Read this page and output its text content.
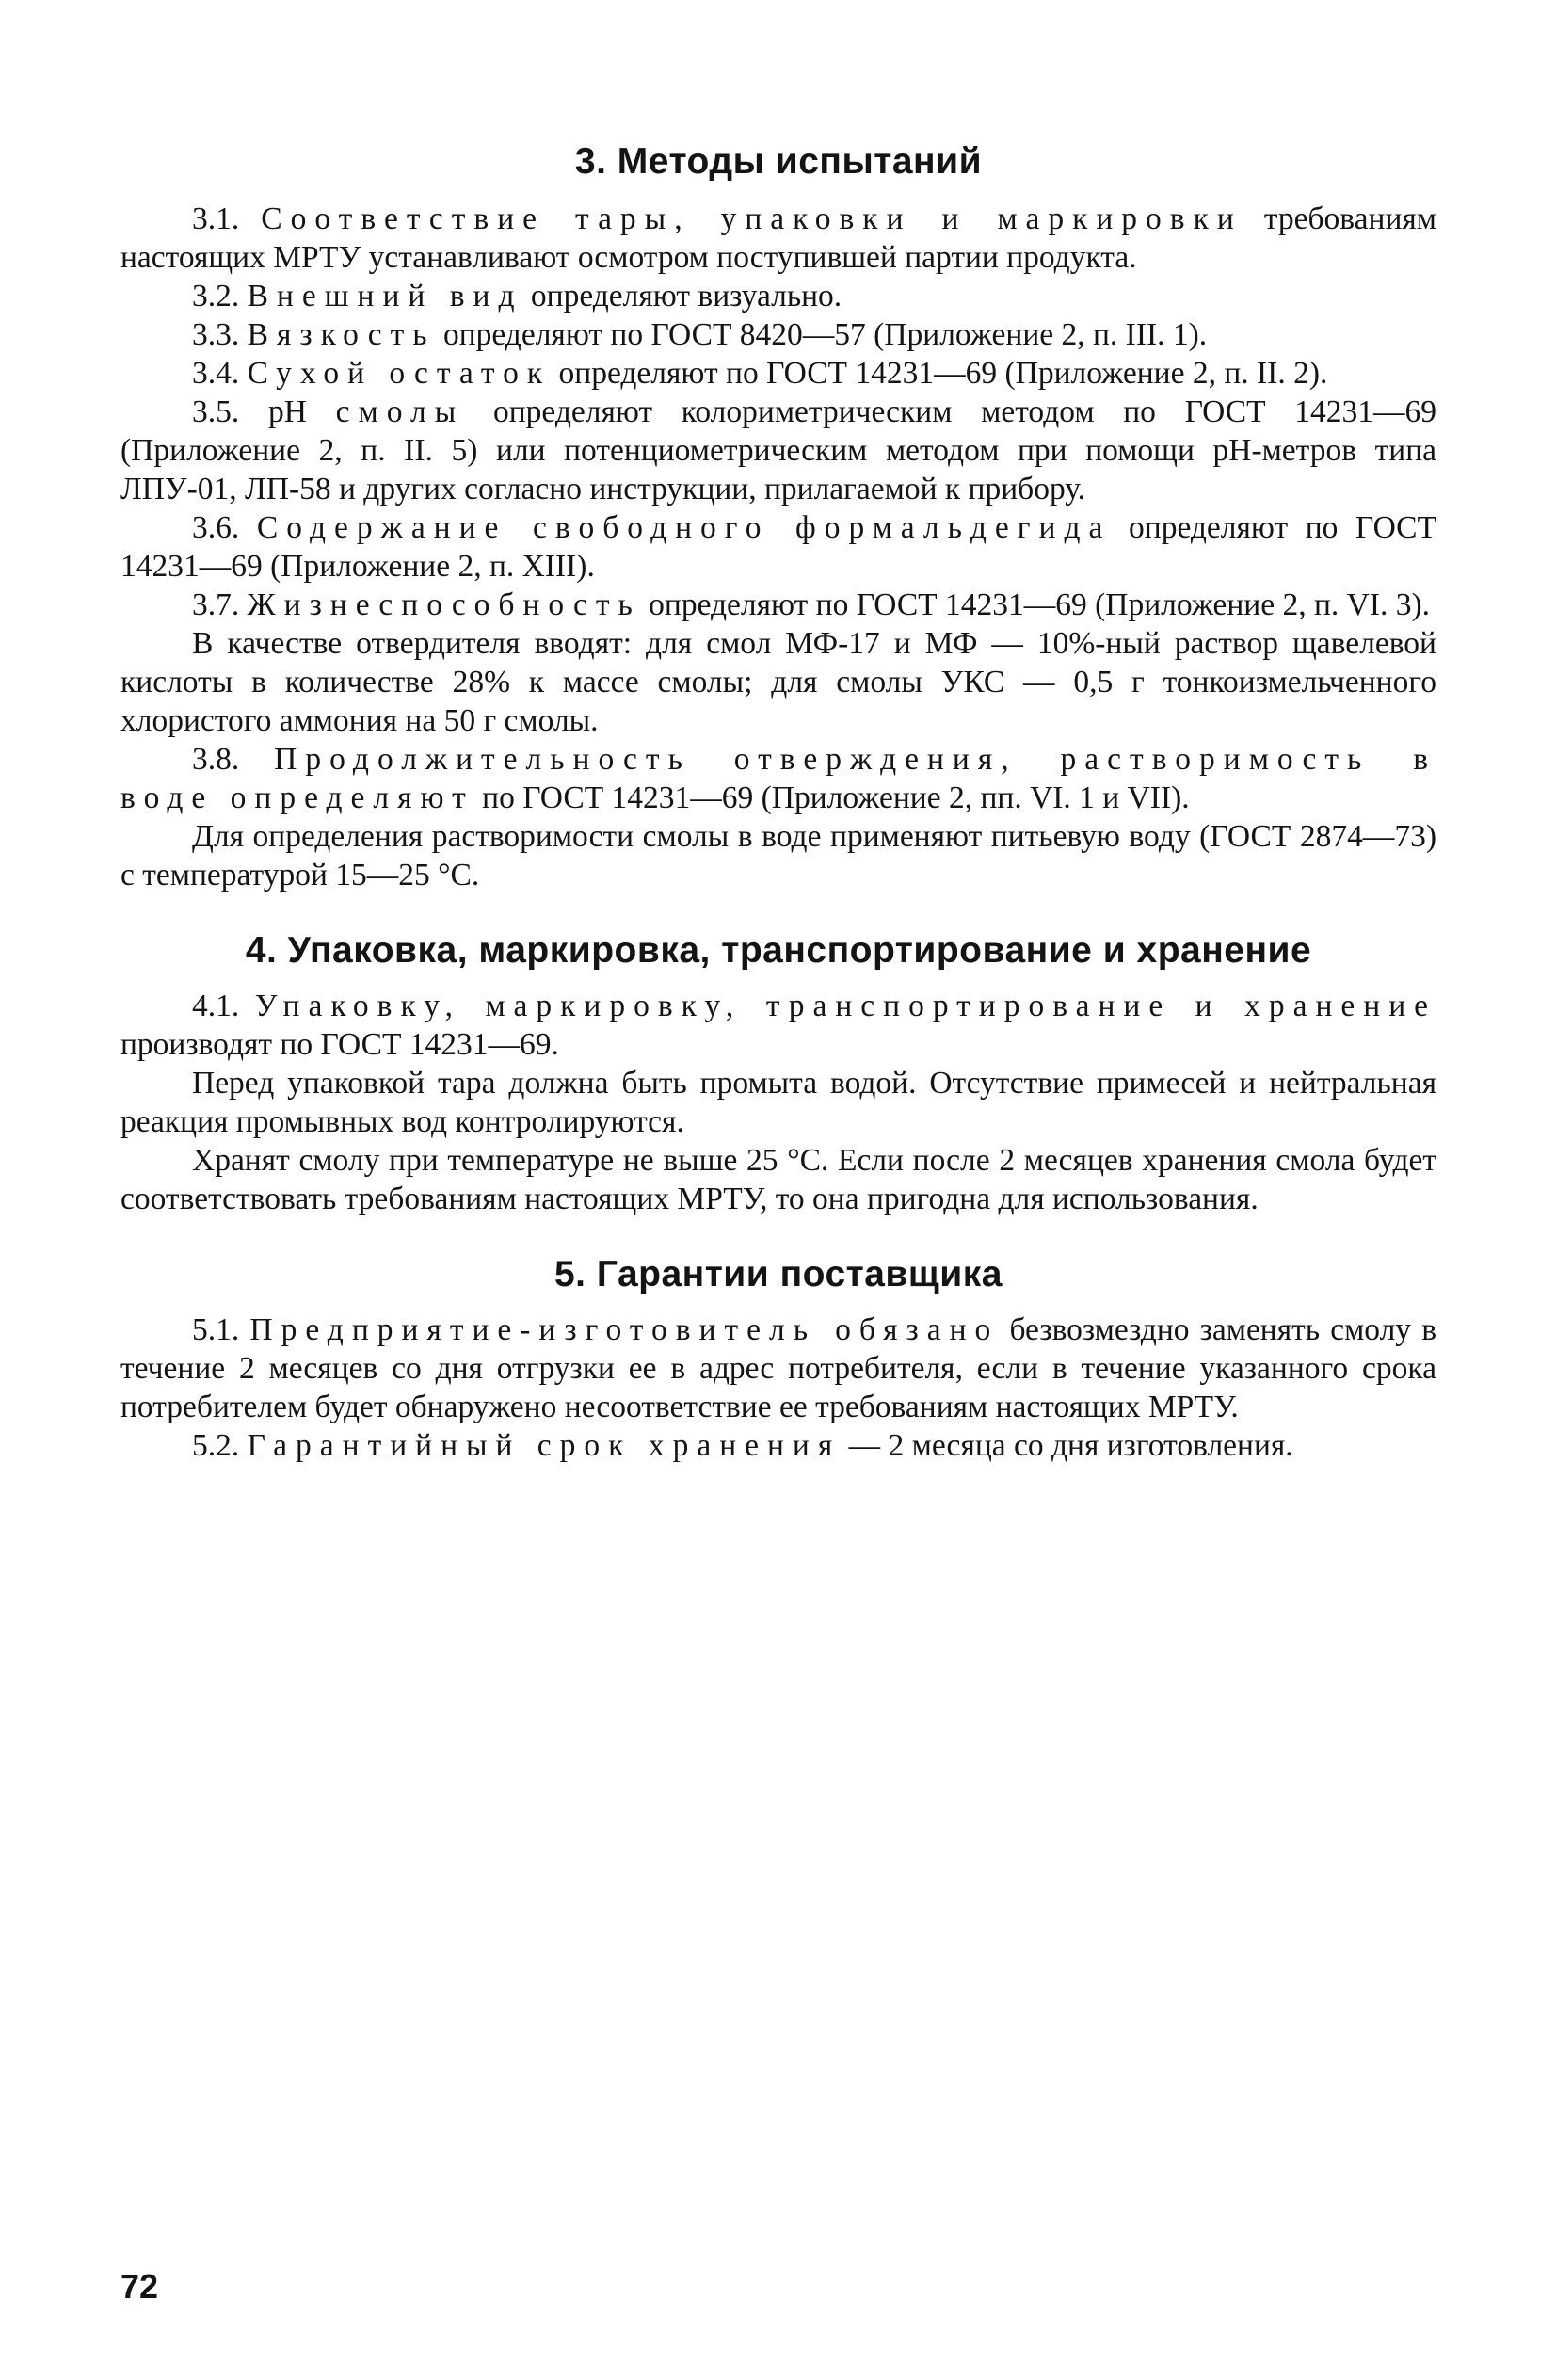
3. Методы испытаний

3.1. Соответствие тары, упаковки и маркировки требованиям настоящих МРТУ устанавливают осмотром поступившей партии продукта.

3.2. Внешний вид определяют визуально.

3.3. Вязкость определяют по ГОСТ 8420—57 (Приложение 2, п. III. 1).

3.4. Сухой остаток определяют по ГОСТ 14231—69 (Приложение 2, п. II. 2).

3.5. pH смолы определяют колориметрическим методом по ГОСТ 14231—69 (Приложение 2, п. II. 5) или потенциометрическим методом при помощи pH-метров типа ЛПУ-01, ЛП-58 и других согласно инструкции, прилагаемой к прибору.

3.6. Содержание свободного формальдегида определяют по ГОСТ 14231—69 (Приложение 2, п. XIII).

3.7. Жизнеспособность определяют по ГОСТ 14231—69 (Приложение 2, п. VI. 3).

В качестве отвердителя вводят: для смол МФ-17 и МФ — 10%-ный раствор щавелевой кислоты в количестве 28% к массе смолы; для смолы УКС — 0,5 г тонкоизмельченного хлористого аммония на 50 г смолы.

3.8. Продолжительность отверждения, растворимость в воде определяют по ГОСТ 14231—69 (Приложение 2, пп. VI. 1 и VII).

Для определения растворимости смолы в воде применяют питьевую воду (ГОСТ 2874—73) с температурой 15—25 °С.

4. Упаковка, маркировка, транспортирование и хранение

4.1. Упаковку, маркировку, транспортирование и хранение производят по ГОСТ 14231—69.

Перед упаковкой тара должна быть промыта водой. Отсутствие примесей и нейтральная реакция промывных вод контролируются.

Хранят смолу при температуре не выше 25 °С. Если после 2 месяцев хранения смола будет соответствовать требованиям настоящих МРТУ, то она пригодна для использования.

5. Гарантии поставщика

5.1. Предприятие-изготовитель обязано безвозмездно заменять смолу в течение 2 месяцев со дня отгрузки ее в адрес потребителя, если в течение указанного срока потребителем будет обнаружено несоответствие ее требованиям настоящих МРТУ.

5.2. Гарантийный срок хранения — 2 месяца со дня изготовления.

72
